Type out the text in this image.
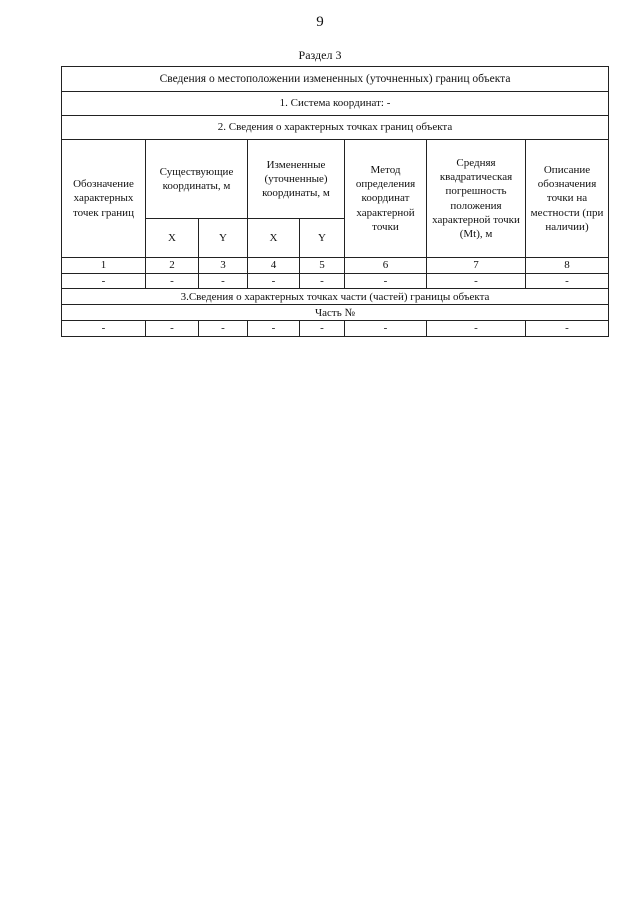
9
Раздел 3
Сведения о местоположении измененных (уточненных) границ объекта							
1. Система координат: -							
2. Сведения о характерных точках границ объекта							
Обозначение характерных точек границ	Существующие координаты, м		Измененные (уточненные) координаты, м		Метод определения координат характерной точки	Средняя квадратическая погрешность положения характерной точки (Mt), м	Описание обозначения точки на местности (при наличии)
	X	Y	X	Y			
1	2	3	4	5	6	7	8
-	-	-	-	-	-	-	-
3.Сведения о характерных точках части (частей) границы объекта							
Часть №							
-	-	-	-	-	-	-	-
